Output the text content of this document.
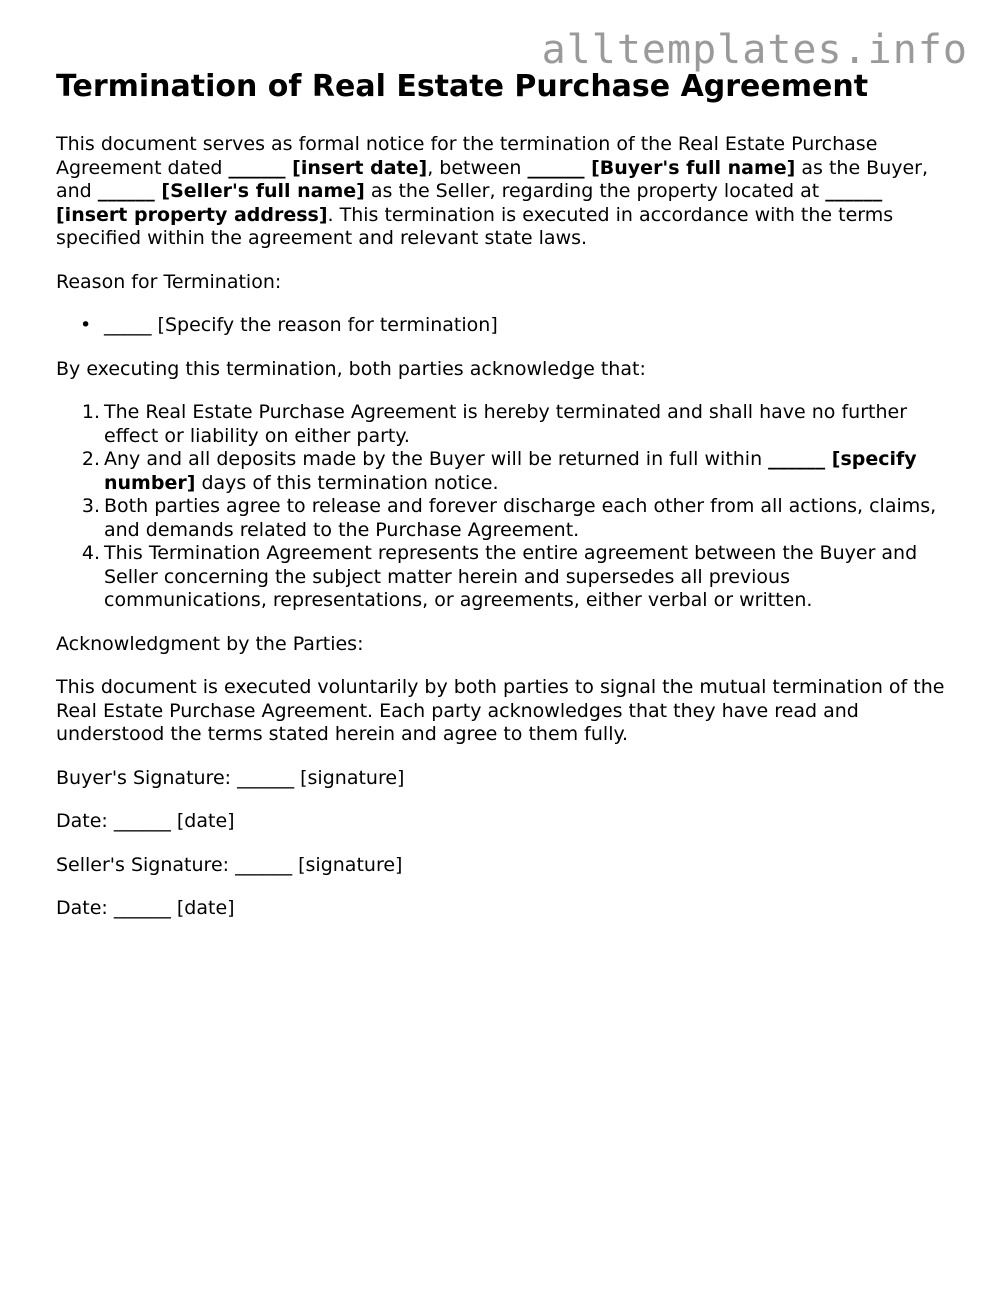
alltemplates.info
Termination of Real Estate Purchase Agreement

This document serves as formal notice for the termination of the Real Estate Purchase Agreement dated ______ [insert date], between ______ [Buyer's full name] as the Buyer, and ______ [Seller's full name] as the Seller, regarding the property located at ______ [insert property address]. This termination is executed in accordance with the terms specified within the agreement and relevant state laws.

Reason for Termination:

• _____ [Specify the reason for termination]

By executing this termination, both parties acknowledge that:

1. The Real Estate Purchase Agreement is hereby terminated and shall have no further effect or liability on either party.
2. Any and all deposits made by the Buyer will be returned in full within ______ [specify number] days of this termination notice.
3. Both parties agree to release and forever discharge each other from all actions, claims, and demands related to the Purchase Agreement.
4. This Termination Agreement represents the entire agreement between the Buyer and Seller concerning the subject matter herein and supersedes all previous communications, representations, or agreements, either verbal or written.

Acknowledgment by the Parties:

This document is executed voluntarily by both parties to signal the mutual termination of the Real Estate Purchase Agreement. Each party acknowledges that they have read and understood the terms stated herein and agree to them fully.

Buyer's Signature: ______ [signature]

Date: ______ [date]

Seller's Signature: ______ [signature]

Date: ______ [date]
